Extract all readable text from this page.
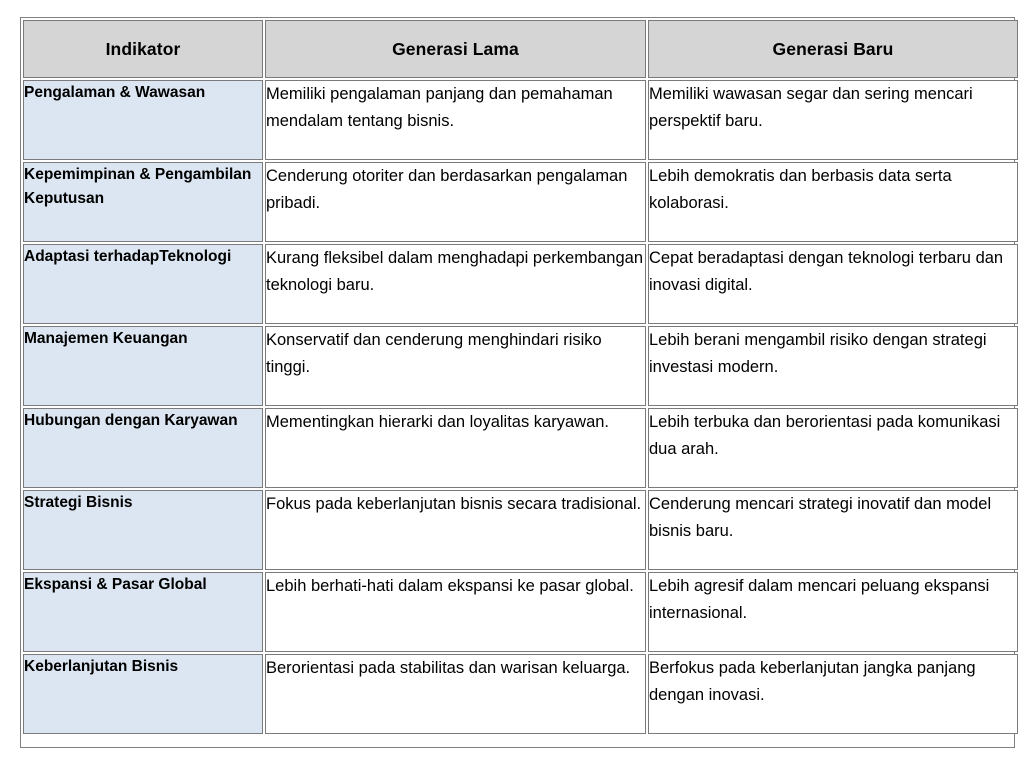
Indikator	Generasi Lama	Generasi Baru

Pengalaman & Wawasan	Memiliki pengalaman panjang dan pemahaman mendalam tentang bisnis.	Memiliki wawasan segar dan sering mencari perspektif baru.

Kepemimpinan & Pengambilan Keputusan	Cenderung otoriter dan berdasarkan pengalaman pribadi.	Lebih demokratis dan berbasis data serta kolaborasi.

Adaptasi terhadapTeknologi	Kurang fleksibel dalam menghadapi perkembangan teknologi baru.	Cepat beradaptasi dengan teknologi terbaru dan inovasi digital.

Manajemen Keuangan	Konservatif dan cenderung menghindari risiko tinggi.	Lebih berani mengambil risiko dengan strategi investasi modern.

Hubungan dengan Karyawan	Mementingkan hierarki dan loyalitas karyawan.	Lebih terbuka dan berorientasi pada komunikasi dua arah.

Strategi Bisnis	Fokus pada keberlanjutan bisnis secara tradisional.	Cenderung mencari strategi inovatif dan model bisnis baru.

Ekspansi & Pasar Global	Lebih berhati-hati dalam ekspansi ke pasar global.	Lebih agresif dalam mencari peluang ekspansi internasional.

Keberlanjutan Bisnis	Berorientasi pada stabilitas dan warisan keluarga.	Berfokus pada keberlanjutan jangka panjang dengan inovasi.
